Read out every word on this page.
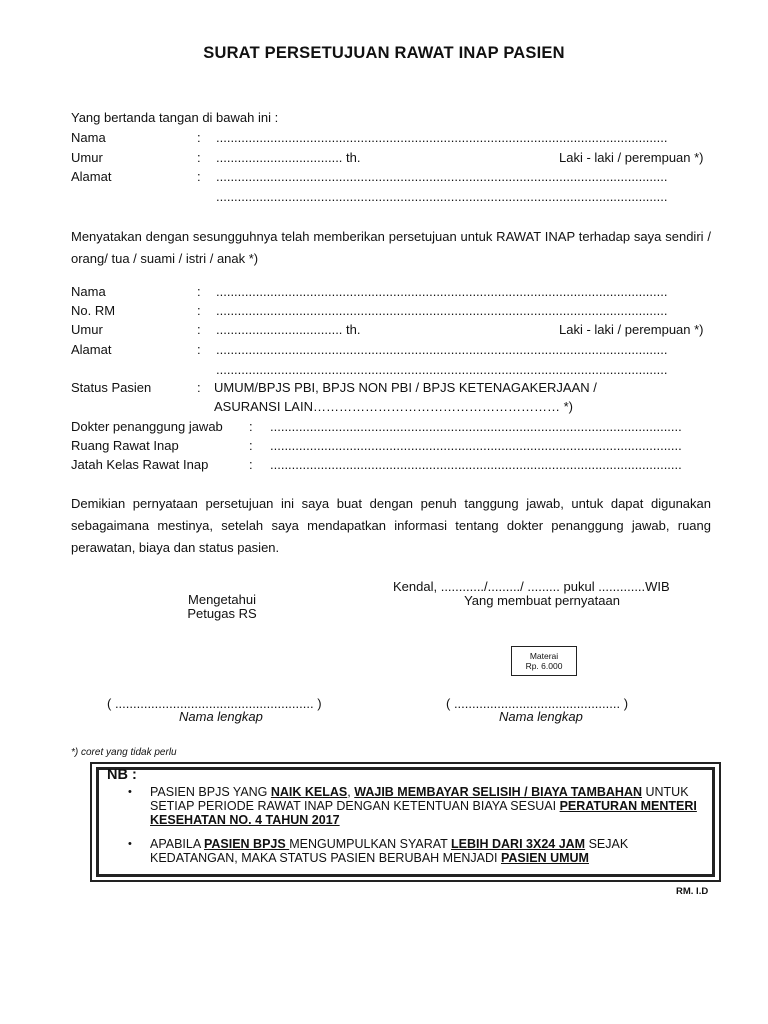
SURAT PERSETUJUAN RAWAT INAP PASIEN
Yang bertanda tangan di bawah ini :
Nama	: .............................................................................................................................
Umur	: ................................... th.	Laki - laki / perempuan *)
Alamat	: .............................................................................................................................
.............................................................................................................................
Menyatakan dengan sesungguhnya telah memberikan persetujuan untuk RAWAT INAP terhadap saya sendiri / orang/ tua / suami / istri / anak *)
Nama	: .............................................................................................................................
No. RM	: .............................................................................................................................
Umur	: ................................... th.	Laki - laki / perempuan *)
Alamat	: .............................................................................................................................
.............................................................................................................................
Status Pasien	: UMUM/BPJS PBI, BPJS NON PBI / BPJS KETENAGAKERJAAN /
ASURANSI LAIN………………………………………………… *)
Dokter penanggung jawab : ..................................................................................................................
Ruang Rawat Inap	: ..................................................................................................................
Jatah Kelas Rawat Inap	: ..................................................................................................................
Demikian pernyataan persetujuan ini saya buat dengan penuh tanggung jawab, untuk dapat digunakan sebagaimana mestinya, setelah saya mendapatkan informasi tentang dokter penanggung jawab, ruang perawatan, biaya dan status pasien.
Kendal, ............/........./ ......... pukul .............WIB
Mengetahui
Petugas RS
Yang membuat pernyataan
Materai
Rp. 6.000
( ....................................................... )
Nama lengkap
( .............................................. )
Nama lengkap
*) coret yang tidak perlu
NB :
• PASIEN BPJS YANG NAIK KELAS, WAJIB MEMBAYAR SELISIH / BIAYA TAMBAHAN UNTUK SETIAP PERIODE RAWAT INAP DENGAN KETENTUAN BIAYA SESUAI PERATURAN MENTERI KESEHATAN NO. 4 TAHUN 2017
• APABILA PASIEN BPJS MENGUMPULKAN SYARAT LEBIH DARI 3X24 JAM SEJAK KEDATANGAN, MAKA STATUS PASIEN BERUBAH MENJADI PASIEN UMUM
RM. I.D
